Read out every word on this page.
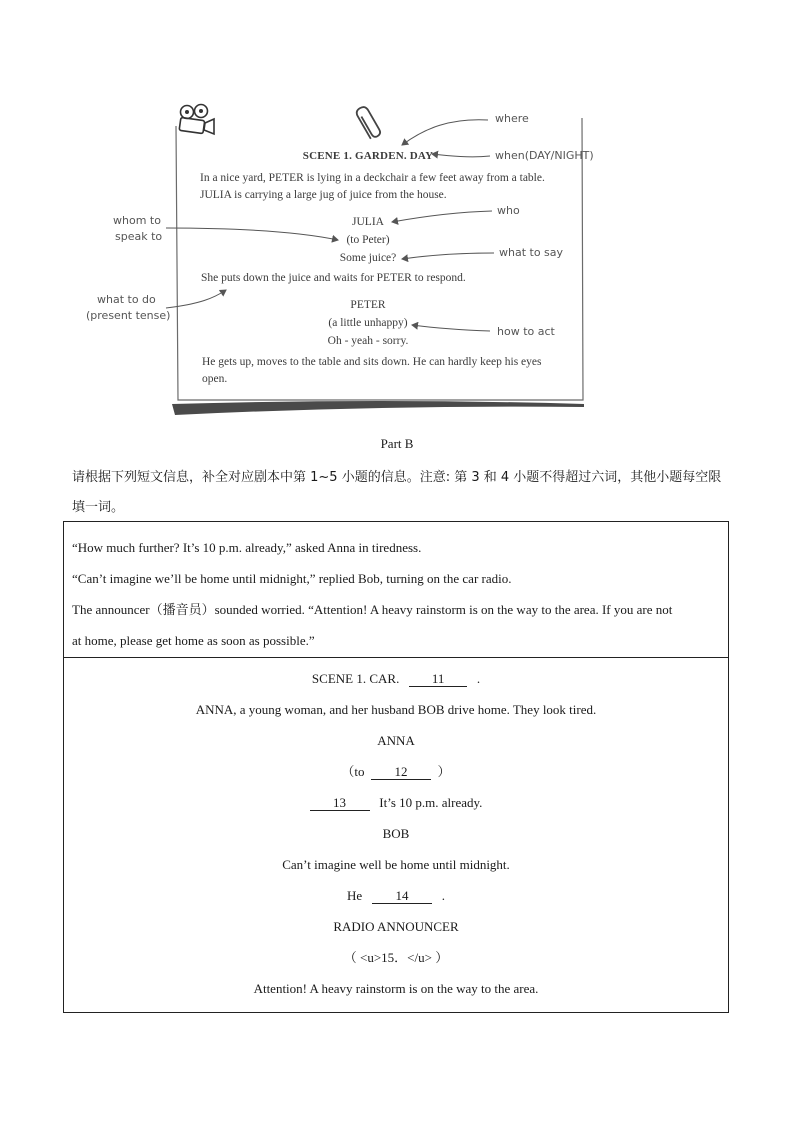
SCENE 1. GARDEN. DAY
In a nice yard, PETER is lying in a deckchair a few feet away from a table.
JULIA is carrying a large jug of juice from the house.
JULIA
(to Peter)
Some juice?
She puts down the juice and waits for PETER to respond.
PETER
(a little unhappy)
Oh - yeah - sorry.
He gets up, moves to the table and sits down. He can hardly keep his eyes
open.
where
when(DAY/NIGHT)
who
whom to
speak to
what to say
what to do
(present tense)
how to act
Part B
请根据下列短文信息，补全对应剧本中第 1~5 小题的信息。注意: 第 3 和 4 小题不得超过六词，其他小题每空限填一词。

“How much further? It’s 10 p.m. already,” asked Anna in tiredness.

“Can’t imagine we’ll be home until midnight,” replied Bob, turning on the car radio.

The announcer（播音员）sounded worried. “Attention! A heavy rainstorm is on the way to the area. If you are not

at home, please get home as soon as possible.”

SCENE 1. CAR. 11 .
ANNA, a young woman, and her husband BOB drive home. They look tired.
ANNA
（to 12 ）
13	It’s 10 p.m. already.
BOB
Can’t imagine well be home until midnight.
He	14	.
RADIO ANNOUNCER
（ <u>15．</u> ）
Attention! A heavy rainstorm is on the way to the area.
